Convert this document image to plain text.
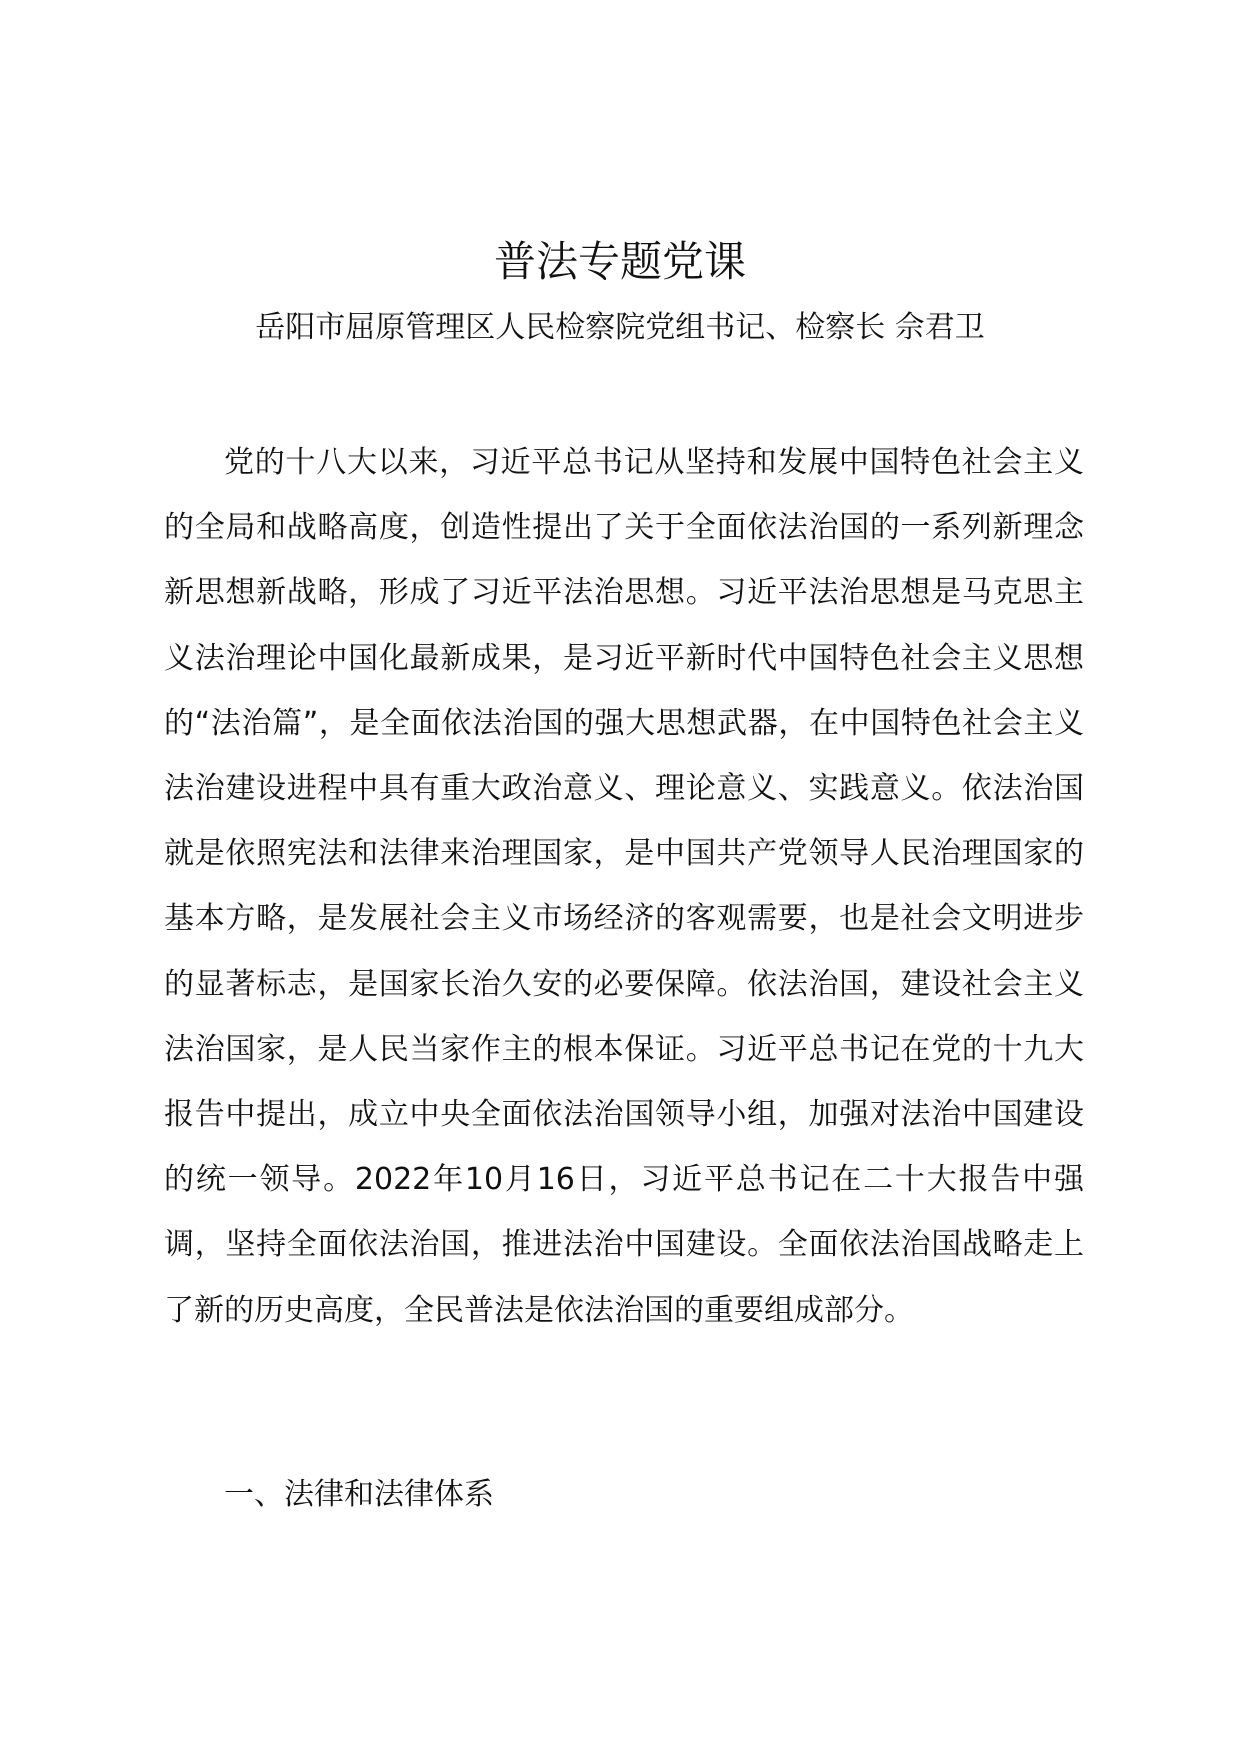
普法专题党课

岳阳市屈原管理区人民检察院党组书记、检察长 佘君卫

党的十八大以来，习近平总书记从坚持和发展中国特色社会主义的全局和战略高度，创造性提出了关于全面依法治国的一系列新理念新思想新战略，形成了习近平法治思想。习近平法治思想是马克思主义法治理论中国化最新成果，是习近平新时代中国特色社会主义思想的“法治篇”，是全面依法治国的强大思想武器，在中国特色社会主义法治建设进程中具有重大政治意义、理论意义、实践意义。依法治国就是依照宪法和法律来治理国家，是中国共产党领导人民治理国家的基本方略，是发展社会主义市场经济的客观需要，也是社会文明进步的显著标志，是国家长治久安的必要保障。依法治国，建设社会主义法治国家，是人民当家作主的根本保证。习近平总书记在党的十九大报告中提出，成立中央全面依法治国领导小组，加强对法治中国建设的统一领导。2022年10月16日，习近平总书记在二十大报告中强调，坚持全面依法治国，推进法治中国建设。全面依法治国战略走上了新的历史高度，全民普法是依法治国的重要组成部分。

一、法律和法律体系
